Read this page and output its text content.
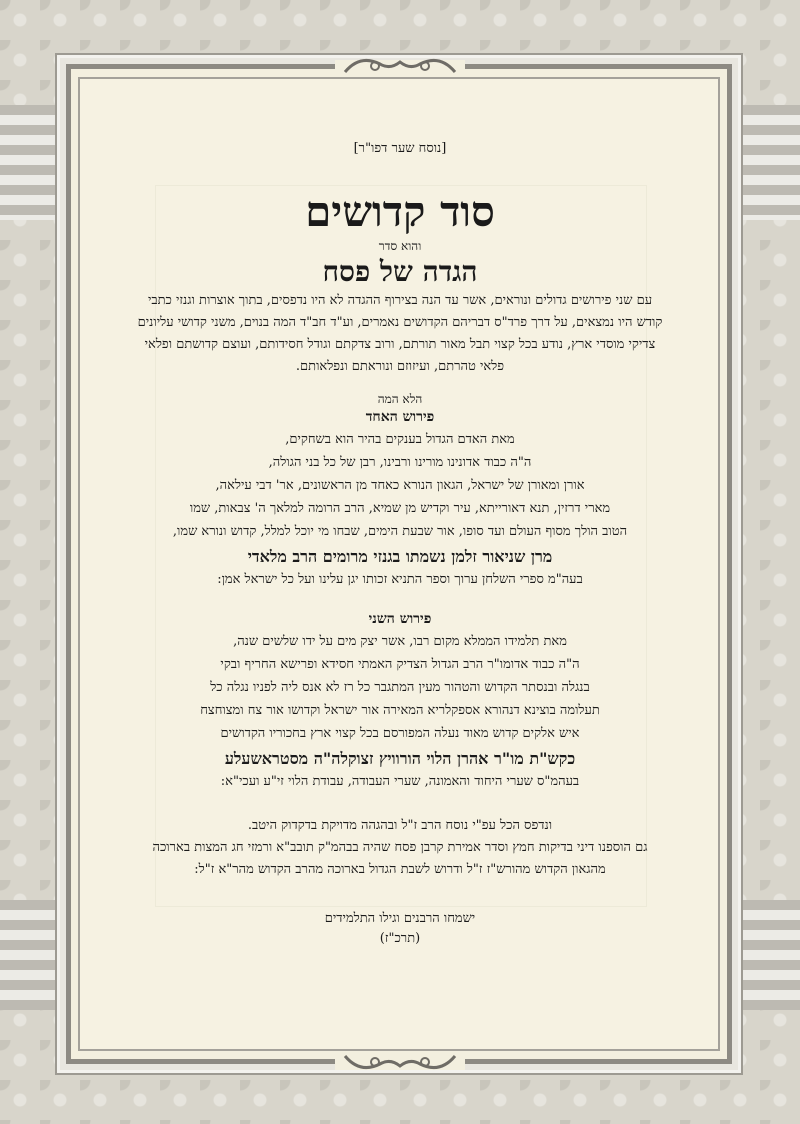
[נוסח שער דפו"ר]

סוד קדושים

והוא סדר

הגדה של פסח

עם שני פירושים גדולים ונוראים, אשר עד הנה בצירוף ההגדה לא היו נדפסים, בתוך אוצרות וגנזי כתבי

קודש היו נמצאים, על דרך פרד"ס דבריהם הקדושים נאמרים, וע"ד חב"ד המה בנוים, משני קדושי עליונים

צדיקי מוסדי ארץ, נודע בכל קצוי תבל מאור תורתם, ורוב צדקתם וגודל חסידותם, ועוצם קדושתם ופלאי

פלאי טהרתם, ועיזוזם ונוראתם ונפלאותם.

הלא המה

פירוש האחד

מאת האדם הגדול בענקים בהיר הוא בשחקים,

ה"ה כבוד אדונינו מורינו ורבינו, רבן של כל בני הגולה,

אורן ומאורן של ישראל, הגאון הנורא כאחד מן הראשונים, אר' דבי עילאה,

מארי דרזין, תנא דאורייתא, עיר וקדיש מן שמיא, הרב הרומה למלאך ה' צבאות, שמו

הטוב הולך מסוף העולם ועד סופו, אור שבעת הימים, שבחו מי יוכל למלל, קדוש ונורא שמו,

מרן שניאור זלמן נשמתו בגנזי מרומים הרב מלאדי

בעה"מ ספרי השלחן ערוך וספר התניא זכותו יגן עלינו ועל כל ישראל אמן:

פירוש השני

מאת תלמידו הממלא מקום רבו, אשר יצק מים על ידו שלשים שנה,

ה"ה כבוד אדומו"ר הרב הגדול הצדיק האמתי חסידא ופרישא החריף ובקי

בנגלה ובנסתר הקדוש והטהור מעין המתגבר כל רז לא אנס ליה לפניו נגלה כל

תעלומה בוצינא דנהורא אספקלריא המאירה אור ישראל וקדושו אור צח ומצוחצח

איש אלקים קדוש מאוד נעלה המפורסם בכל קצוי ארץ בחכוריו הקדושים

כקש"ת מו"ר אהרן הלוי הורוויץ זצוקלה"ה מסטראשעלע

בעהמ"ס שערי היחוד והאמונה, שערי העבודה, עבודת הלוי זי"ע ועכי"א:

ונדפס הכל עפ"י נוסח הרב ז"ל ובהגהה מדויקת בדקדוק היטב.

גם הוספנו דיני בדיקות חמץ וסדר אמירת קרבן פסח שהיה בבהמ"ק תובב"א ורמזי חג המצות בארוכה

מהגאון הקדוש מהורש"ז ז"ל ודרוש לשבת הגדול בארוכה מהרב הקדוש מהר"א ז"ל:

ישמחו הרבנים וגילו התלמידים

(תרכ"ז)
